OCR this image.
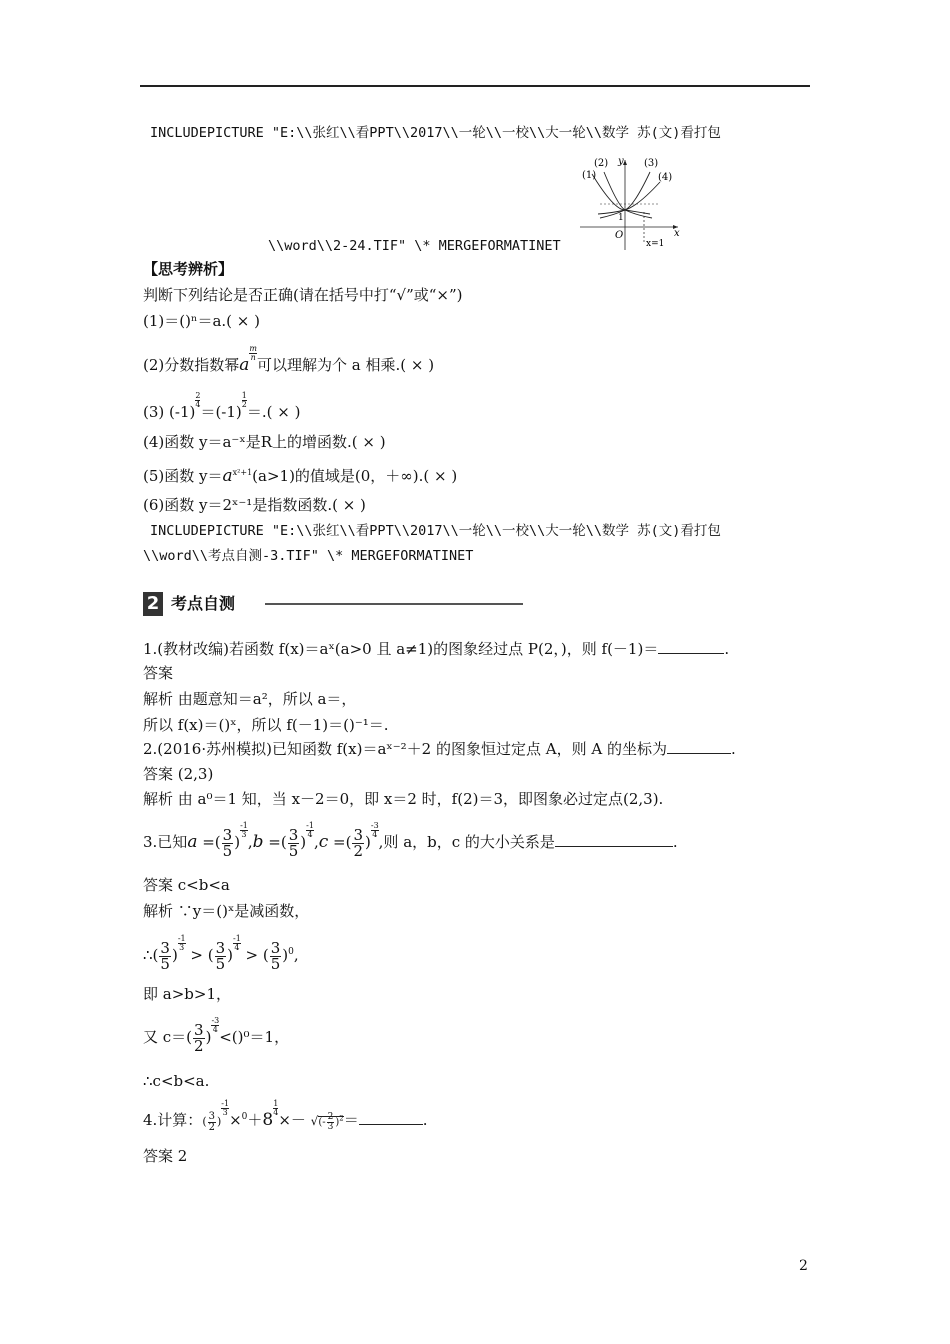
INCLUDEPICTURE "E:\\张红\\看PPT\\2017\\一轮\\一校\\大一轮\\数学 苏(文)看打包
\\word\\2-24.TIF" \* MERGEFORMATINET
(1)
(2) y (3)
(4)
1
O	x
x=1
【思考辨析】
判断下列结论是否正确(请在括号中打“√”或“×”)
(1)＝()ⁿ＝a.( × )
(2)分数指数幂a
$\frac{m}{n}$
可以理解为个 a 相乘.( × )
(3) (-1)
$\frac{2}{4}$
＝(-1)
$\frac{1}{2}$
＝.( × )
(4)函数 y＝a⁻ˣ是R上的增函数.( × )
(5)函数 $y=a^{x^2+1}(a>1)$的值域是(0，＋∞).( × )
(6)函数 y＝2ˣ⁻¹是指数函数.( × )
INCLUDEPICTURE "E:\\张红\\看PPT\\2017\\一轮\\一校\\大一轮\\数学 苏(文)看打包
\\word\\考点自测-3.TIF" \* MERGEFORMATINET
2 考点自测
1.(教材改编)若函数 f(x)＝aˣ(a>0 且 a≠1)的图象经过点 P(2，)，则 f(－1)＝	.
答案
解析 由题意知＝a²，所以 a＝，
所以 f(x)＝()ˣ，所以 f(－1)＝()⁻¹＝.
2.(2016·苏州模拟)已知函数 f(x)＝aˣ⁻²＋2 的图象恒过定点 A，则 A 的坐标为	.
答案 (2,3)
解析 由 a⁰＝1 知，当 x－2＝0，即 x＝2 时，f(2)＝3，即图象必过定点(2,3).
3.已知a =( $\frac{3}{5}$ )
$\frac{-1}{3}$
,b =( $\frac{3}{5}$ )
$\frac{-1}{4}$
,c =( $\frac{3}{2}$ )
$\frac{-3}{4}$
,则 a，b，c 的大小关系是	.
答案 c<b<a
解析 ∵y＝()ˣ是减函数，
∴( $\frac{3}{5}$ )
$\frac{-1}{3}$
> ( $\frac{3}{5}$ )
$\frac{-1}{4}$
> ( $\frac{3}{5} )^0$,
即 a>b>1，
又 $c=( \frac{3}{2}$ )
$\frac{-3}{4}$
<()⁰＝1，
∴c<b<a.
4.计算：( $\frac{3}{2}$ )
$\frac{-1}{3}$
×$^0$＋8
$\frac{1}{4}$
×－ √(- $\frac{2}{3} )^2=$	.
答案 2
2
